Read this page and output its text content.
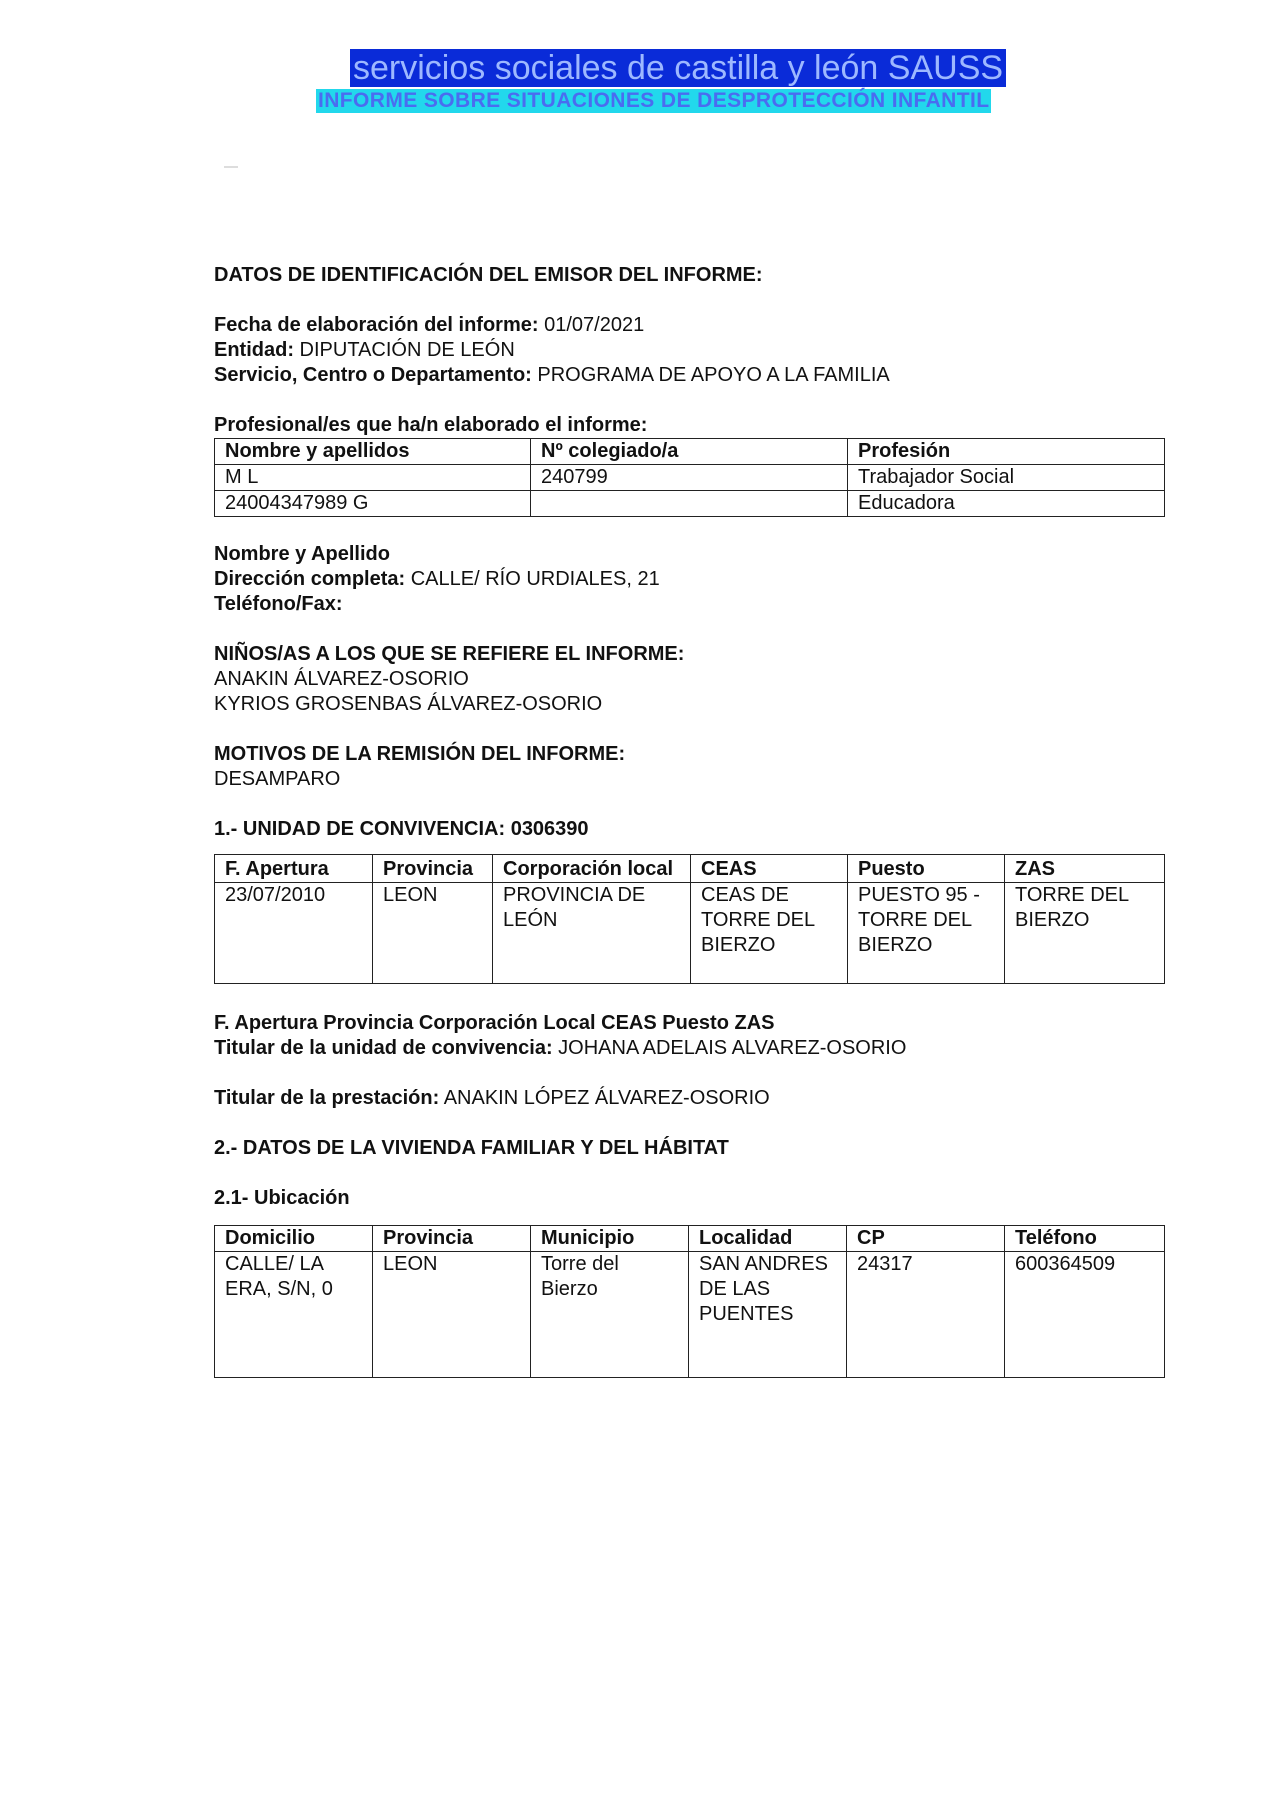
servicios sociales de castilla y león SAUSS
INFORME SOBRE SITUACIONES DE DESPROTECCIÓN INFANTIL
DATOS DE IDENTIFICACIÓN DEL EMISOR DEL INFORME:
Fecha de elaboración del informe: 01/07/2021
Entidad: DIPUTACIÓN DE LEÓN
Servicio, Centro o Departamento: PROGRAMA DE APOYO A LA FAMILIA
Profesional/es que ha/n elaborado el informe:
Nombre y apellidos	Nº colegiado/a	Profesión
M L	240799	Trabajador Social
24004347989 G		Educadora
Nombre y Apellido
Dirección completa: CALLE/ RÍO URDIALES, 21
Teléfono/Fax:
NIÑOS/AS A LOS QUE SE REFIERE EL INFORME:
ANAKIN ÁLVAREZ-OSORIO
KYRIOS GROSENBAS ÁLVAREZ-OSORIO
MOTIVOS DE LA REMISIÓN DEL INFORME:
DESAMPARO
1.- UNIDAD DE CONVIVENCIA: 0306390
F. Apertura	Provincia	Corporación local	CEAS	Puesto	ZAS
23/07/2010	LEON	PROVINCIA DE LEÓN	CEAS DE TORRE DEL BIERZO	PUESTO 95 - TORRE DEL BIERZO	TORRE DEL BIERZO
F. Apertura Provincia Corporación Local CEAS Puesto ZAS
Titular de la unidad de convivencia: JOHANA ADELAIS ALVAREZ-OSORIO
Titular de la prestación: ANAKIN LÓPEZ ÁLVAREZ-OSORIO
2.- DATOS DE LA VIVIENDA FAMILIAR Y DEL HÁBITAT
2.1- Ubicación
Domicilio	Provincia	Municipio	Localidad	CP	Teléfono
CALLE/ LA ERA, S/N, 0	LEON	Torre del Bierzo	SAN ANDRES DE LAS PUENTES	24317	600364509
